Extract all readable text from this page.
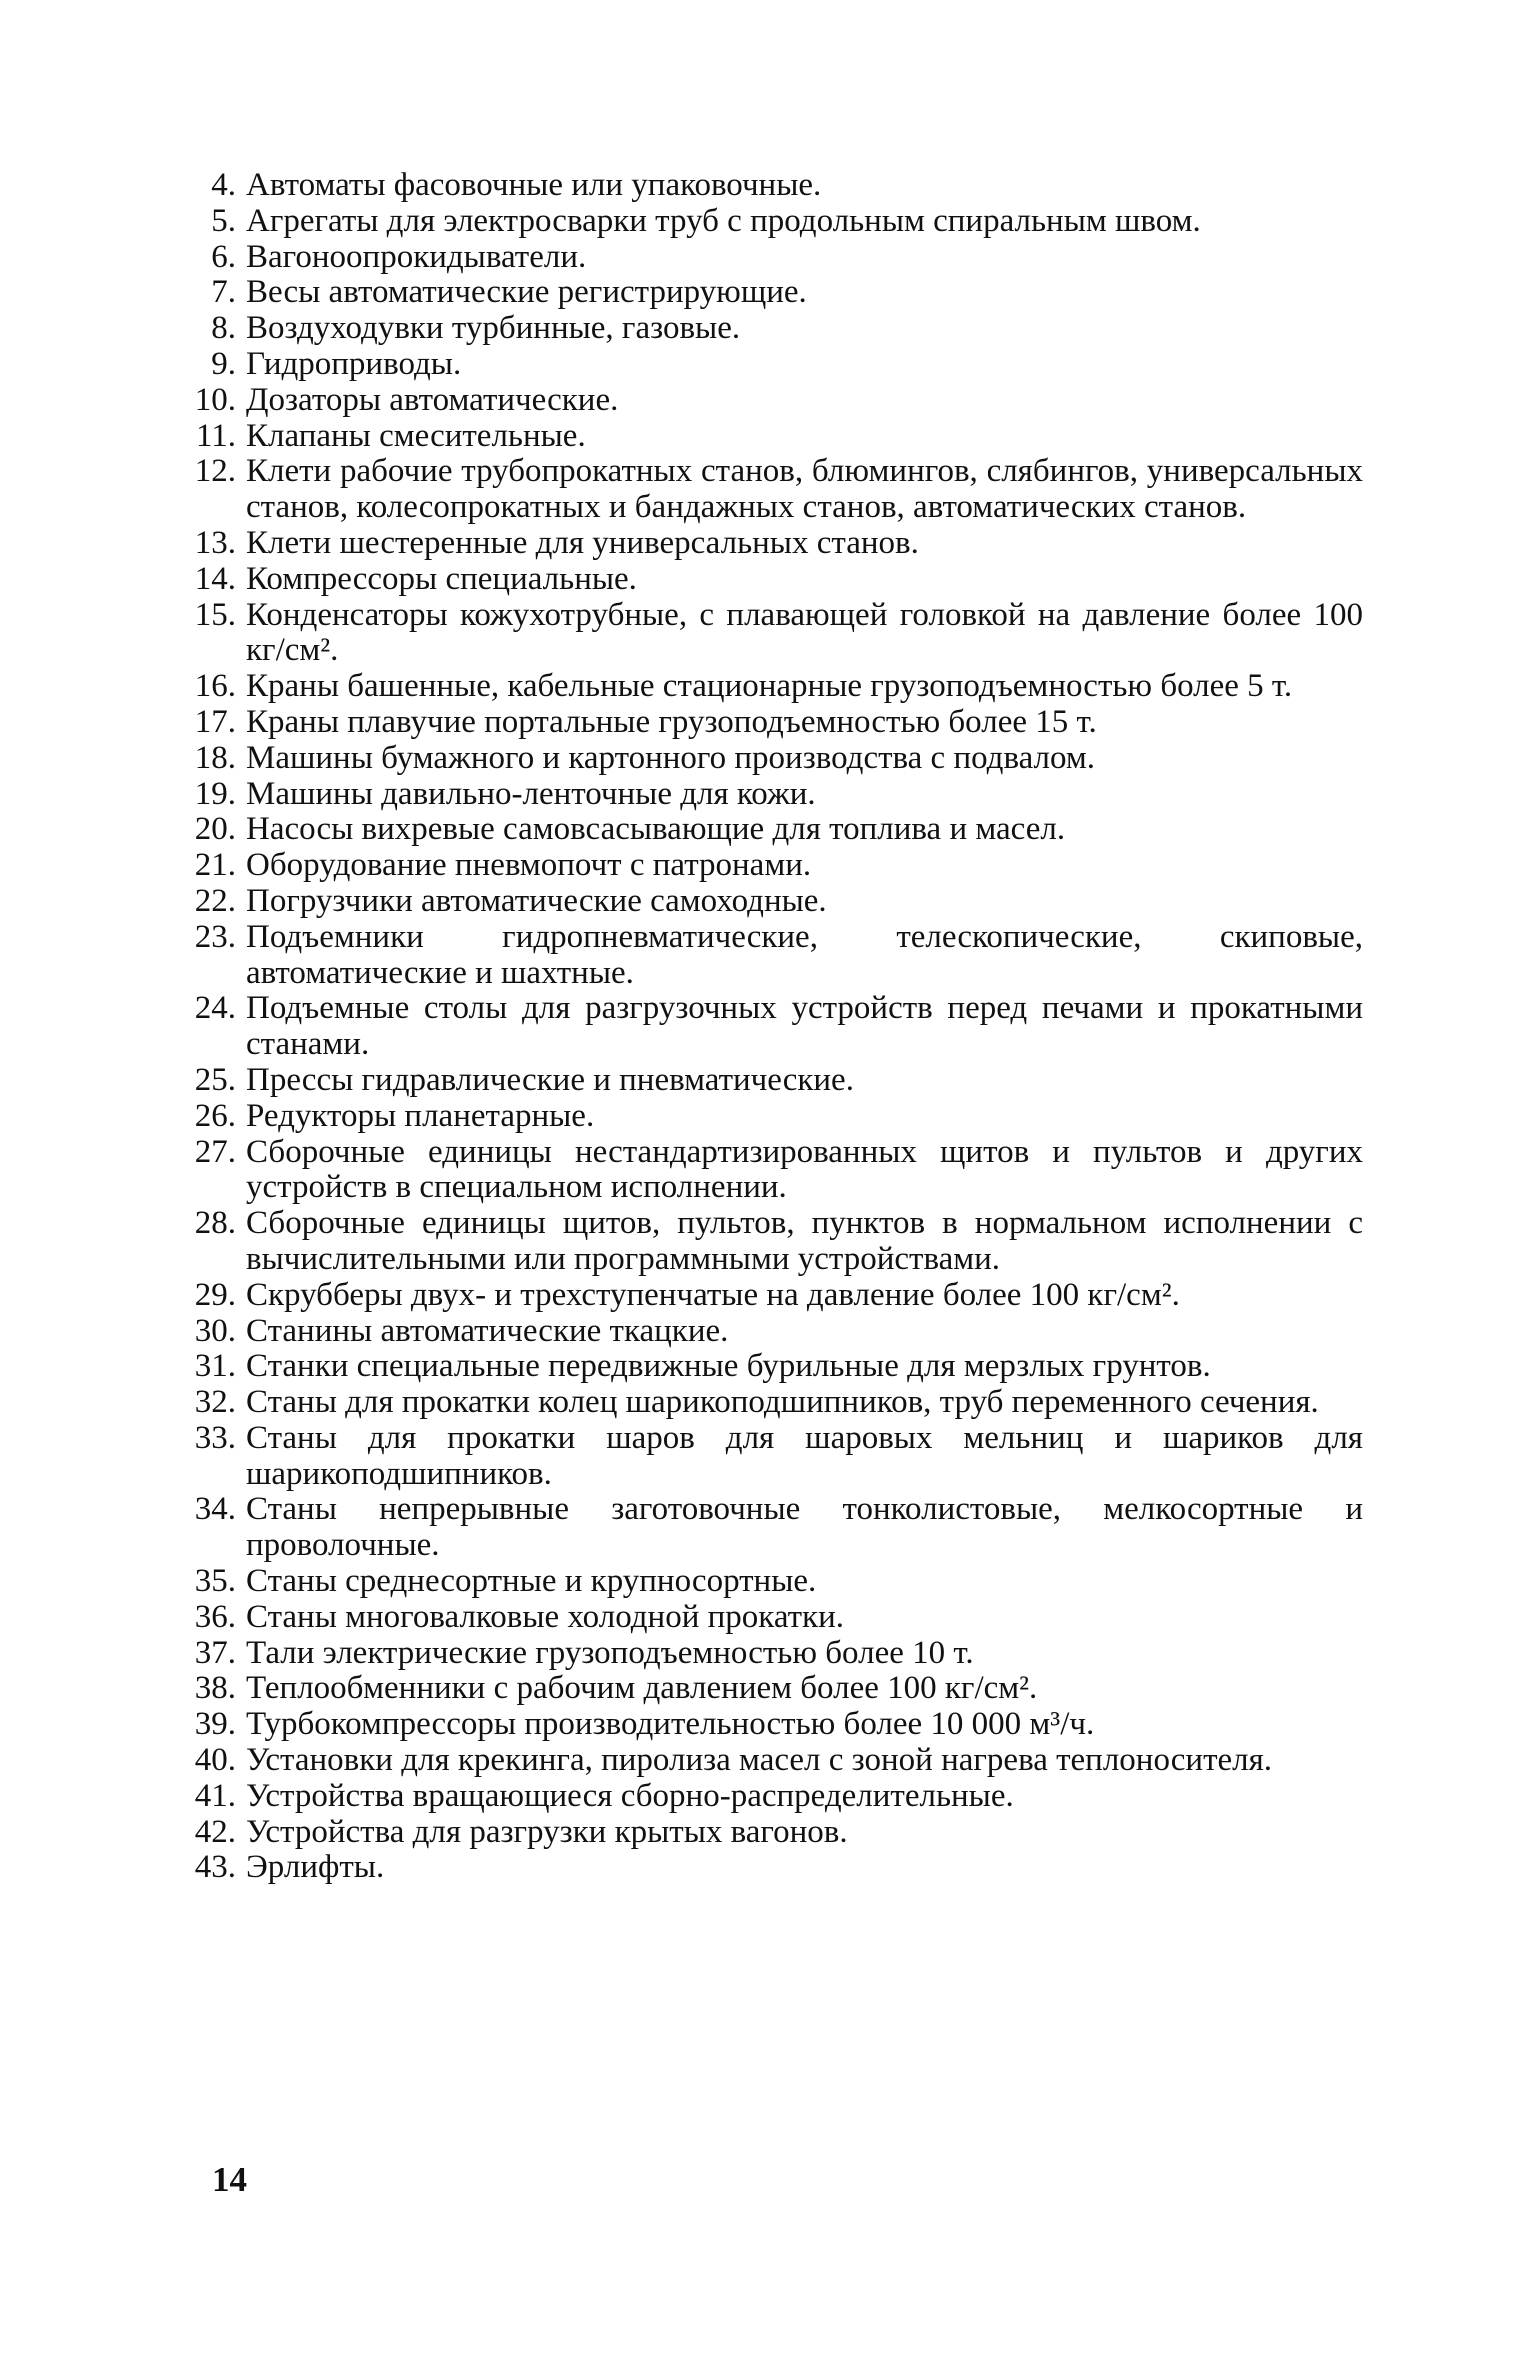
4. Автоматы фасовочные или упаковочные.
5. Агрегаты для электросварки труб с продольным спиральным швом.
6. Вагоноопрокидыватели.
7. Весы автоматические регистрирующие.
8. Воздуходувки турбинные, газовые.
9. Гидроприводы.
10. Дозаторы автоматические.
11. Клапаны смесительные.
12. Клети рабочие трубопрокатных станов, блюмингов, слябингов, универсальных станов, колесопрокатных и бандажных станов, автоматических станов.
13. Клети шестеренные для универсальных станов.
14. Компрессоры специальные.
15. Конденсаторы кожухотрубные, с плавающей головкой на давление более 100 кг/см².
16. Краны башенные, кабельные стационарные грузоподъемностью более 5 т.
17. Краны плавучие портальные грузоподъемностью более 15 т.
18. Машины бумажного и картонного производства с подвалом.
19. Машины давильно-ленточные для кожи.
20. Насосы вихревые самовсасывающие для топлива и масел.
21. Оборудование пневмопочт с патронами.
22. Погрузчики автоматические самоходные.
23. Подъемники гидропневматические, телескопические, скиповые, автоматические и шахтные.
24. Подъемные столы для разгрузочных устройств перед печами и прокатными станами.
25. Прессы гидравлические и пневматические.
26. Редукторы планетарные.
27. Сборочные единицы нестандартизированных щитов и пультов и других устройств в специальном исполнении.
28. Сборочные единицы щитов, пультов, пунктов в нормальном исполнении с вычислительными или программными устройствами.
29. Скрубберы двух- и трехступенчатые на давление более 100 кг/см².
30. Станины автоматические ткацкие.
31. Станки специальные передвижные бурильные для мерзлых грунтов.
32. Станы для прокатки колец шарикоподшипников, труб переменного сечения.
33. Станы для прокатки шаров для шаровых мельниц и шариков для шарикоподшипников.
34. Станы непрерывные заготовочные тонколистовые, мелкосортные и проволочные.
35. Станы среднесортные и крупносортные.
36. Станы многовалковые холодной прокатки.
37. Тали электрические грузоподъемностью более 10 т.
38. Теплообменники с рабочим давлением более 100 кг/см².
39. Турбокомпрессоры производительностью более 10 000 м³/ч.
40. Установки для крекинга, пиролиза масел с зоной нагрева теплоносителя.
41. Устройства вращающиеся сборно-распределительные.
42. Устройства для разгрузки крытых вагонов.
43. Эрлифты.
14
